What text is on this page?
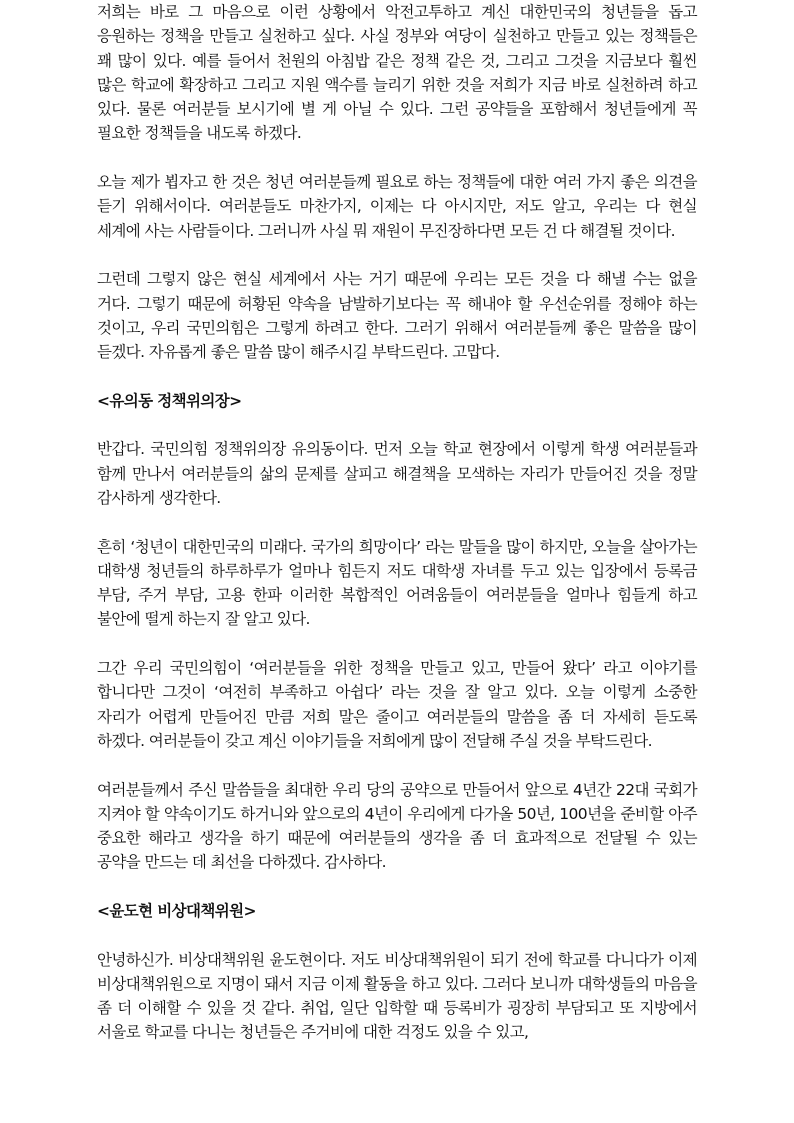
저희는 바로 그 마음으로 이런 상황에서 악전고투하고 계신 대한민국의 청년들을 돕고 응원하는 정책을 만들고 실천하고 싶다. 사실 정부와 여당이 실천하고 만들고 있는 정책들은 꽤 많이 있다. 예를 들어서 천원의 아침밥 같은 정책 같은 것, 그리고 그것을 지금보다 훨씬 많은 학교에 확장하고 그리고 지원 액수를 늘리기 위한 것을 저희가 지금 바로 실천하려 하고 있다. 물론 여러분들 보시기에 별 게 아닐 수 있다. 그런 공약들을 포함해서 청년들에게 꼭 필요한 정책들을 내도록 하겠다.

오늘 제가 뵙자고 한 것은 청년 여러분들께 필요로 하는 정책들에 대한 여러 가지 좋은 의견을 듣기 위해서이다. 여러분들도 마찬가지, 이제는 다 아시지만, 저도 알고, 우리는 다 현실 세계에 사는 사람들이다. 그러니까 사실 뭐 재원이 무진장하다면 모든 건 다 해결될 것이다.

그런데 그렇지 않은 현실 세계에서 사는 거기 때문에 우리는 모든 것을 다 해낼 수는 없을 거다. 그렇기 때문에 허황된 약속을 남발하기보다는 꼭 해내야 할 우선순위를 정해야 하는 것이고, 우리 국민의힘은 그렇게 하려고 한다. 그러기 위해서 여러분들께 좋은 말씀을 많이 듣겠다. 자유롭게 좋은 말씀 많이 해주시길 부탁드린다. 고맙다.

<유의동 정책위의장>

반갑다. 국민의힘 정책위의장 유의동이다. 먼저 오늘 학교 현장에서 이렇게 학생 여러분들과 함께 만나서 여러분들의 삶의 문제를 살피고 해결책을 모색하는 자리가 만들어진 것을 정말 감사하게 생각한다.

흔히 ‘청년이 대한민국의 미래다. 국가의 희망이다’ 라는 말들을 많이 하지만, 오늘을 살아가는 대학생 청년들의 하루하루가 얼마나 힘든지 저도 대학생 자녀를 두고 있는 입장에서 등록금 부담, 주거 부담, 고용 한파 이러한 복합적인 어려움들이 여러분들을 얼마나 힘들게 하고 불안에 떨게 하는지 잘 알고 있다.

그간 우리 국민의힘이 ‘여러분들을 위한 정책을 만들고 있고, 만들어 왔다’ 라고 이야기를 합니다만 그것이 ‘여전히 부족하고 아쉽다’ 라는 것을 잘 알고 있다. 오늘 이렇게 소중한 자리가 어렵게 만들어진 만큼 저희 말은 줄이고 여러분들의 말씀을 좀 더 자세히 듣도록 하겠다. 여러분들이 갖고 계신 이야기들을 저희에게 많이 전달해 주실 것을 부탁드린다.

여러분들께서 주신 말씀들을 최대한 우리 당의 공약으로 만들어서 앞으로 4년간 22대 국회가 지켜야 할 약속이기도 하거니와 앞으로의 4년이 우리에게 다가올 50년, 100년을 준비할 아주 중요한 해라고 생각을 하기 때문에 여러분들의 생각을 좀 더 효과적으로 전달될 수 있는 공약을 만드는 데 최선을 다하겠다. 감사하다.

<윤도현 비상대책위원>

안녕하신가. 비상대책위원 윤도현이다. 저도 비상대책위원이 되기 전에 학교를 다니다가 이제 비상대책위원으로 지명이 돼서 지금 이제 활동을 하고 있다. 그러다 보니까 대학생들의 마음을 좀 더 이해할 수 있을 것 같다. 취업, 일단 입학할 때 등록비가 굉장히 부담되고 또 지방에서 서울로 학교를 다니는 청년들은 주거비에 대한 걱정도 있을 수 있고,
